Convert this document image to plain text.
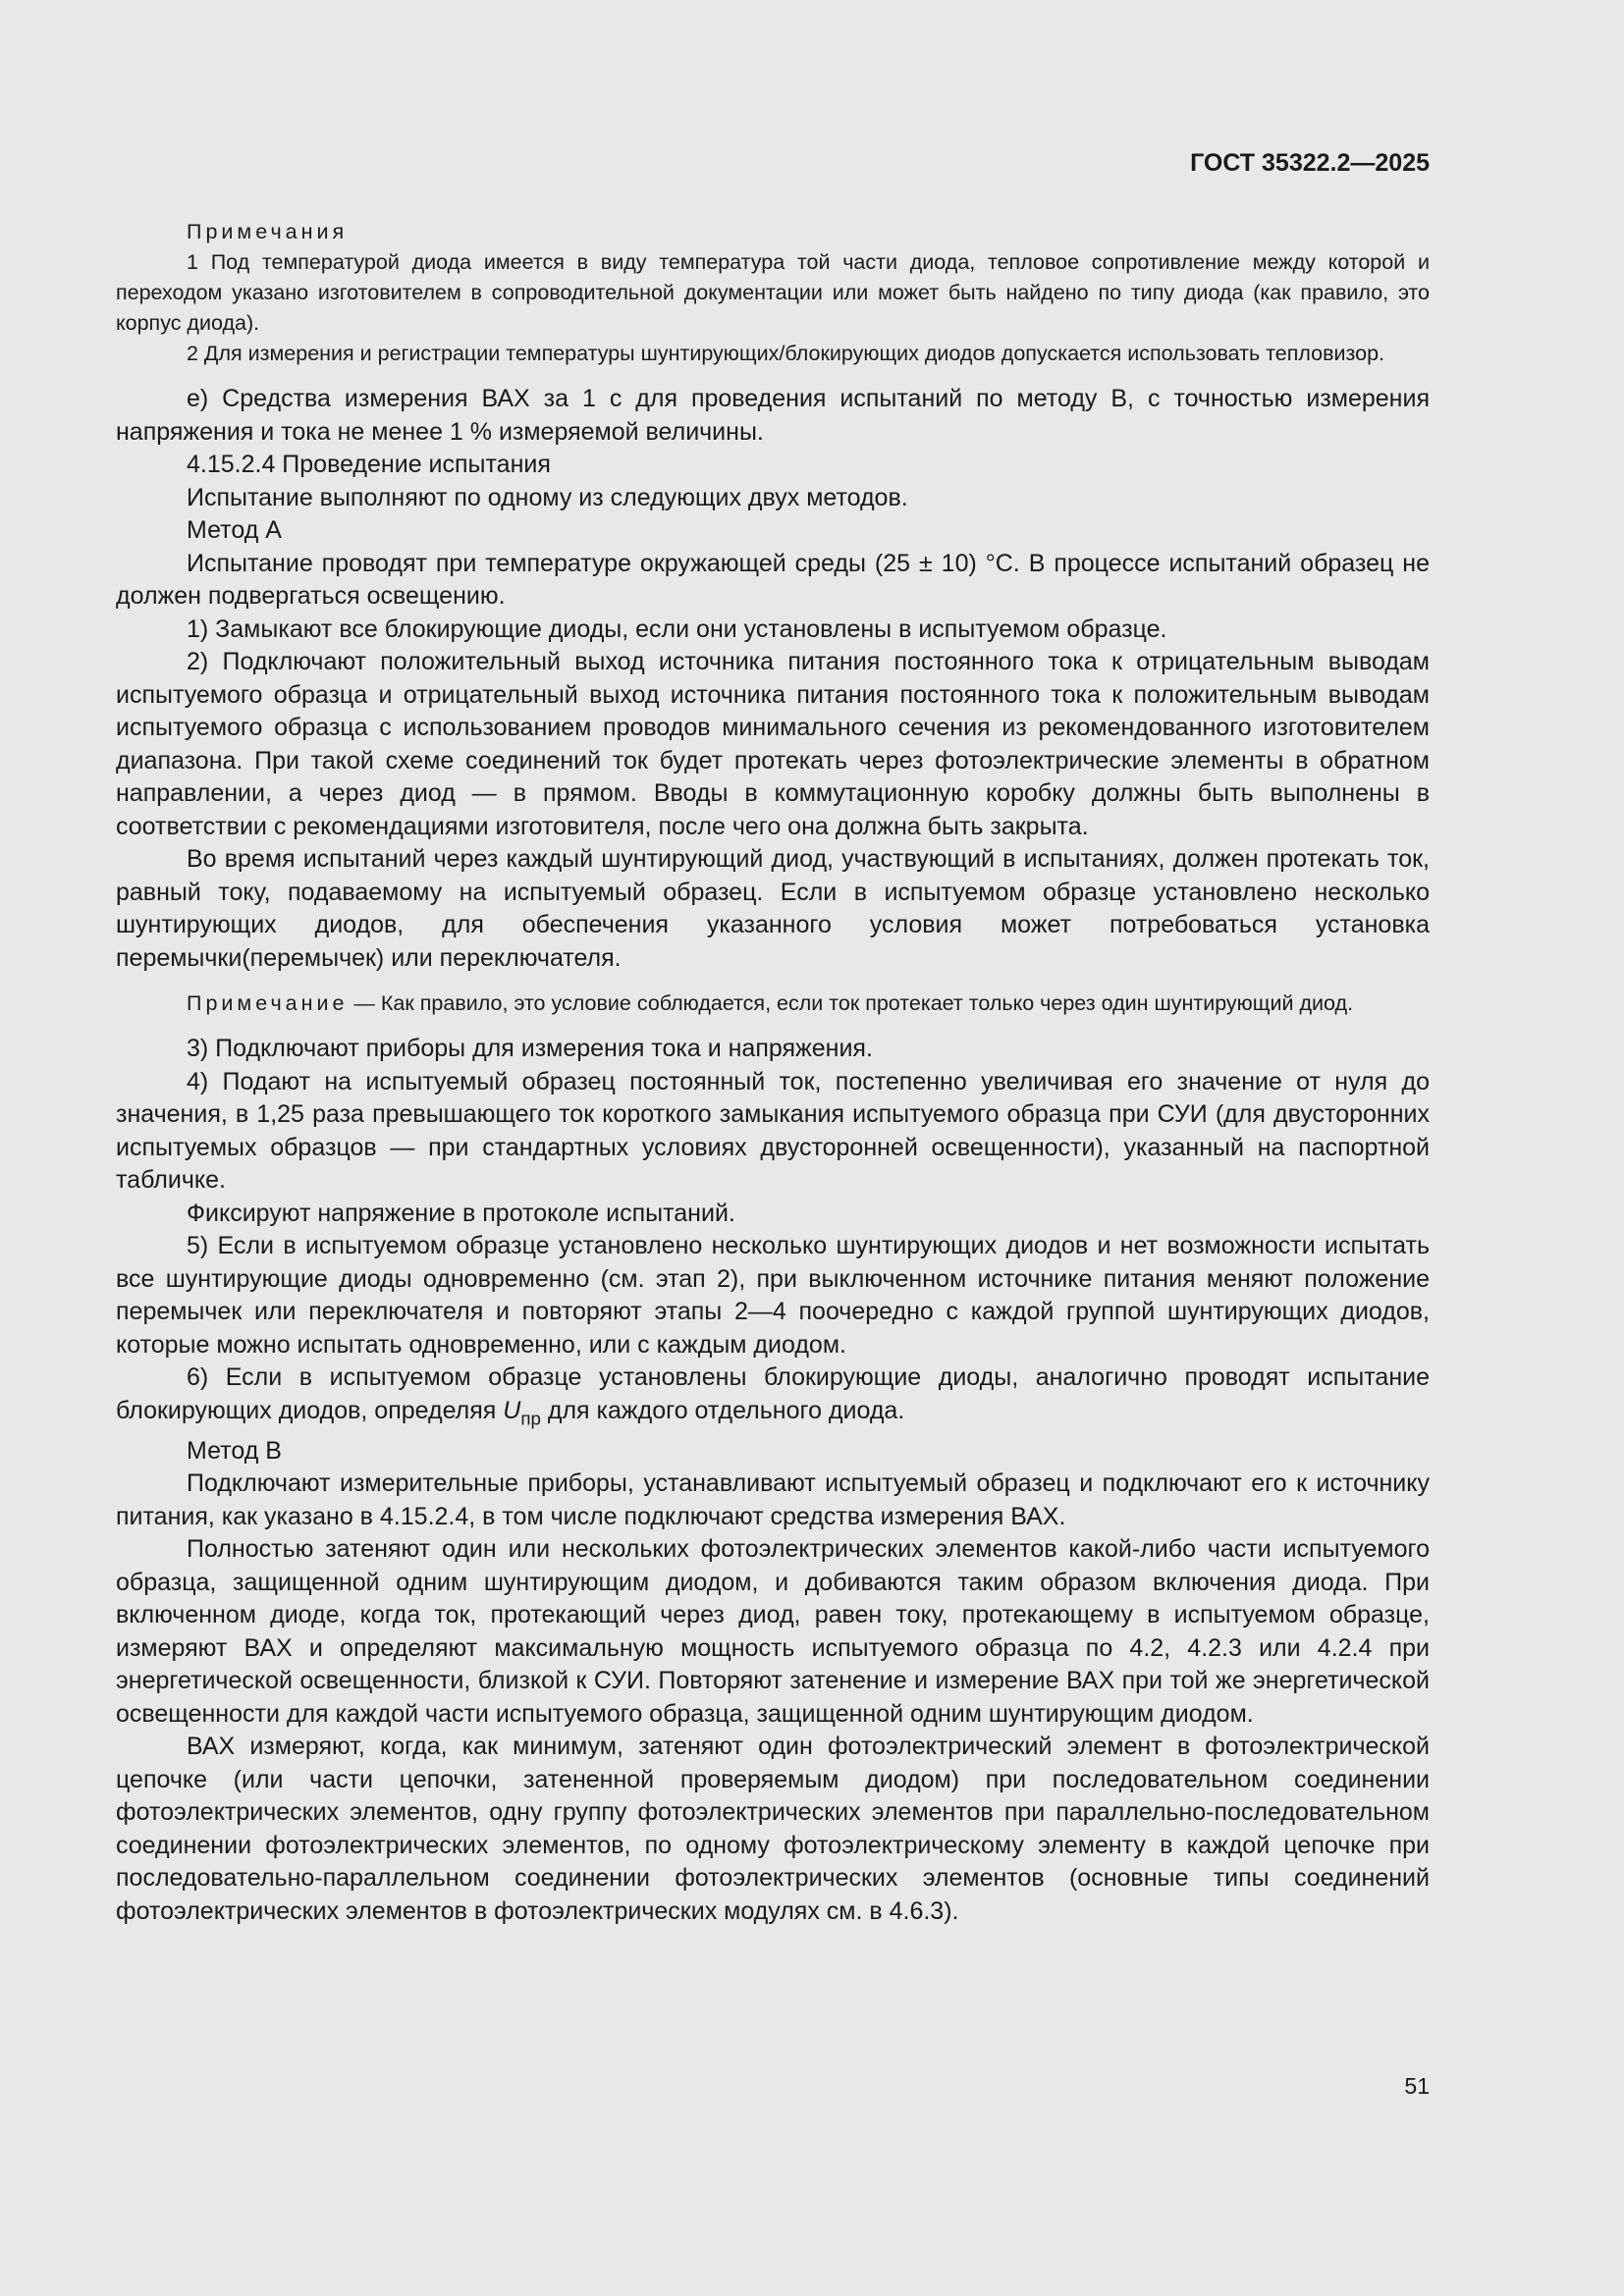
ГОСТ 35322.2—2025

Примечания

1 Под температурой диода имеется в виду температура той части диода, тепловое сопротивление между которой и переходом указано изготовителем в сопроводительной документации или может быть найдено по типу диода (как правило, это корпус диода).

2 Для измерения и регистрации температуры шунтирующих/блокирующих диодов допускается использовать тепловизор.

е) Средства измерения ВАХ за 1 с для проведения испытаний по методу В, с точностью измерения напряжения и тока не менее 1 % измеряемой величины.

4.15.2.4 Проведение испытания

Испытание выполняют по одному из следующих двух методов.

Метод А

Испытание проводят при температуре окружающей среды (25 ± 10) °С. В процессе испытаний образец не должен подвергаться освещению.

1) Замыкают все блокирующие диоды, если они установлены в испытуемом образце.

2) Подключают положительный выход источника питания постоянного тока к отрицательным выводам испытуемого образца и отрицательный выход источника питания постоянного тока к положительным выводам испытуемого образца с использованием проводов минимального сечения из рекомендованного изготовителем диапазона. При такой схеме соединений ток будет протекать через фотоэлектрические элементы в обратном направлении, а через диод — в прямом. Вводы в коммутационную коробку должны быть выполнены в соответствии с рекомендациями изготовителя, после чего она должна быть закрыта.

Во время испытаний через каждый шунтирующий диод, участвующий в испытаниях, должен протекать ток, равный току, подаваемому на испытуемый образец. Если в испытуемом образце установлено несколько шунтирующих диодов, для обеспечения указанного условия может потребоваться установка перемычки(перемычек) или переключателя.

Примечание — Как правило, это условие соблюдается, если ток протекает только через один шунтирующий диод.

3) Подключают приборы для измерения тока и напряжения.

4) Подают на испытуемый образец постоянный ток, постепенно увеличивая его значение от нуля до значения, в 1,25 раза превышающего ток короткого замыкания испытуемого образца при СУИ (для двусторонних испытуемых образцов — при стандартных условиях двусторонней освещенности), указанный на паспортной табличке.

Фиксируют напряжение в протоколе испытаний.

5) Если в испытуемом образце установлено несколько шунтирующих диодов и нет возможности испытать все шунтирующие диоды одновременно (см. этап 2), при выключенном источнике питания меняют положение перемычек или переключателя и повторяют этапы 2—4 поочередно с каждой группой шунтирующих диодов, которые можно испытать одновременно, или с каждым диодом.

6) Если в испытуемом образце установлены блокирующие диоды, аналогично проводят испытание блокирующих диодов, определяя $U_{пр}$ для каждого отдельного диода.

Метод В

Подключают измерительные приборы, устанавливают испытуемый образец и подключают его к источнику питания, как указано в 4.15.2.4, в том числе подключают средства измерения ВАХ.

Полностью затеняют один или нескольких фотоэлектрических элементов какой-либо части испытуемого образца, защищенной одним шунтирующим диодом, и добиваются таким образом включения диода. При включенном диоде, когда ток, протекающий через диод, равен току, протекающему в испытуемом образце, измеряют ВАХ и определяют максимальную мощность испытуемого образца по 4.2, 4.2.3 или 4.2.4 при энергетической освещенности, близкой к СУИ. Повторяют затенение и измерение ВАХ при той же энергетической освещенности для каждой части испытуемого образца, защищенной одним шунтирующим диодом.

ВАХ измеряют, когда, как минимум, затеняют один фотоэлектрический элемент в фотоэлектрической цепочке (или части цепочки, затененной проверяемым диодом) при последовательном соединении фотоэлектрических элементов, одну группу фотоэлектрических элементов при параллельно-последовательном соединении фотоэлектрических элементов, по одному фотоэлектрическому элементу в каждой цепочке при последовательно-параллельном соединении фотоэлектрических элементов (основные типы соединений фотоэлектрических элементов в фотоэлектрических модулях см. в 4.6.3).

51
